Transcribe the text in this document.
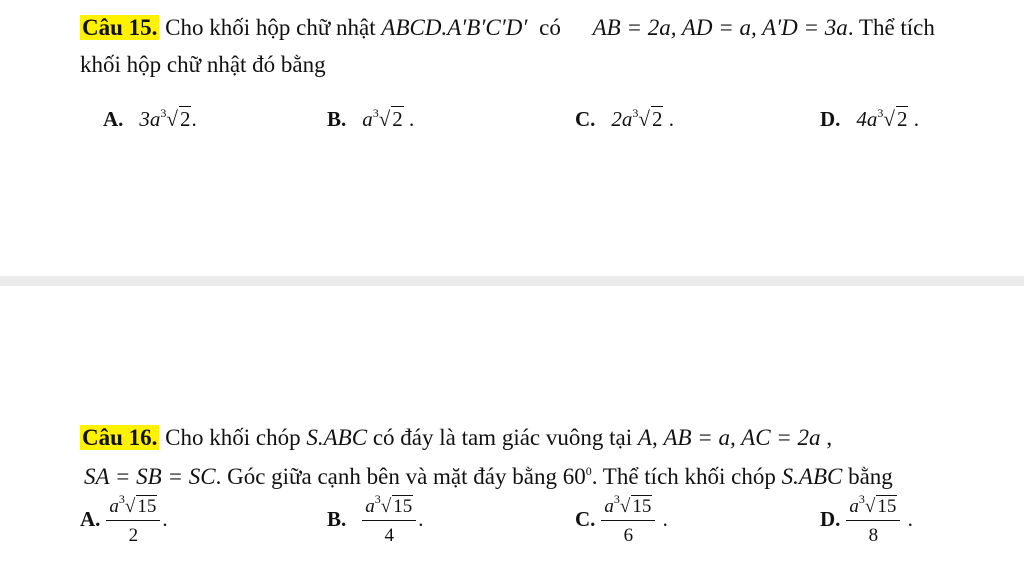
Câu 15. Cho khối hộp chữ nhật ABCD.A′B′C′D′ có AB = 2a, AD = a, A′D = 3a. Thể tích
khối hộp chữ nhật đó bằng
A. $3a^3√2$.	B. $a^3√2$ .	C. $2a^3√2$ .	D. $4a^3√2$ .
Câu 16. Cho khối chóp S.ABC có đáy là tam giác vuông tại A, AB = a, AC = 2a ,
SA = SB = SC. Góc giữa cạnh bên và mặt đáy bằng $60^0$. Thể tích khối chóp S.ABC bằng
A. $\frac{a^3√ 15}{2}$ .	B. $\frac{a^3√ 15}{4}$ .	C. $\frac{a^3√ 15}{6}$ .	D. $\frac{a^3√ 15}{8}$ .
